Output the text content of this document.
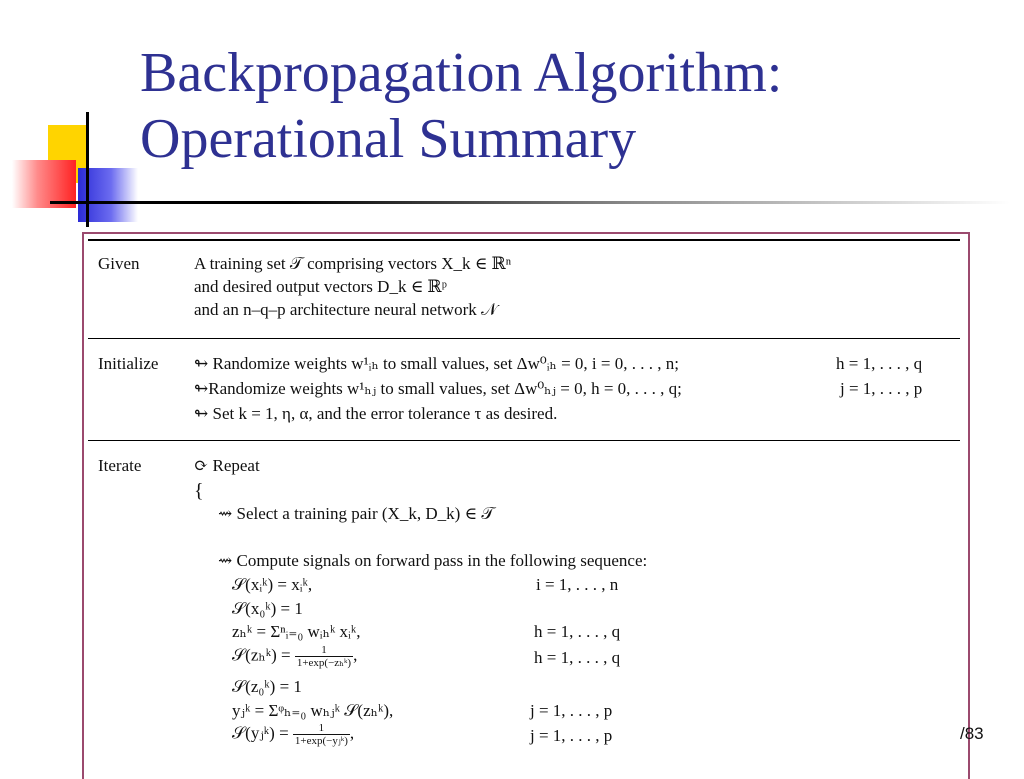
Backpropagation Algorithm:
Operational Summary
Given	A training set 𝒯 comprising vectors X_k ∈ ℝⁿ
and desired output vectors D_k ∈ ℝᵖ
and an n–q–p architecture neural network 𝒩
Initialize ↬ Randomize weights w¹ᵢₕ to small values, set Δw⁰ᵢₕ = 0, i = 0, . . . , n;	h = 1, . . . , q
↬Randomize weights w¹ₕⱼ to small values, set Δw⁰ₕⱼ = 0, h = 0, . . . , q;	j = 1, . . . , p
↬ Set k = 1, η, α, and the error tolerance τ as desired.
Iterate	⟳ Repeat
{
⇝ Select a training pair (X_k, D_k) ∈ 𝒯
⇝ Compute signals on forward pass in the following sequence:
𝒮(xᵢᵏ) = xᵢᵏ,	i = 1, . . . , n
𝒮(x₀ᵏ) = 1
zₕᵏ = Σⁿᵢ₌₀ wᵢₕᵏ xᵢᵏ,	h = 1, . . . , q
𝒮(zₕᵏ) = $\frac{1}{\text{1+exp(−zₕᵏ)}}$ ,	h = 1, . . . , q
𝒮(z₀ᵏ) = 1
yⱼᵏ = Σᵠₕ₌₀ wₕⱼᵏ 𝒮(zₕᵏ),	j = 1, . . . , p
𝒮(yⱼᵏ) = $\frac{1}{\text{1+exp(−yⱼᵏ)}}$ ,	j = 1, . . . , p	/83
